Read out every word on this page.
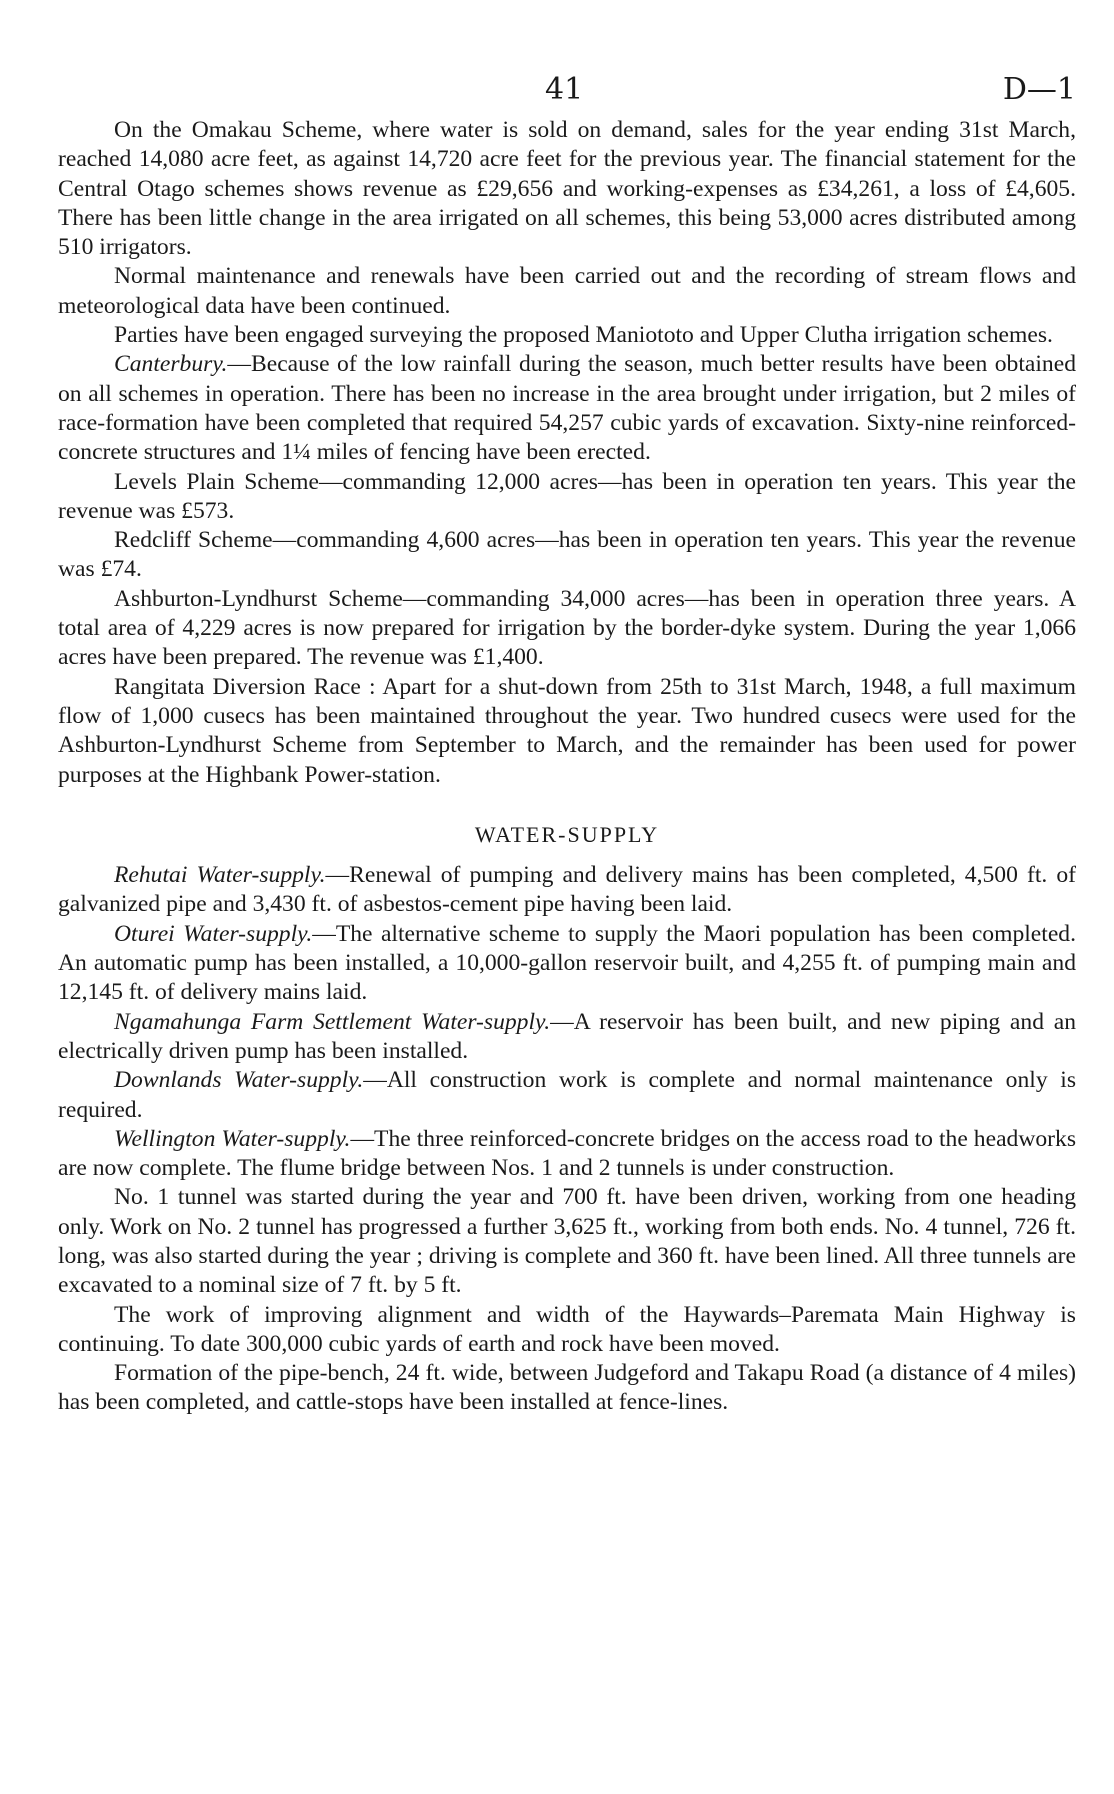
41	D—1

On the Omakau Scheme, where water is sold on demand, sales for the year ending 31st March, reached 14,080 acre feet, as against 14,720 acre feet for the previous year. The financial statement for the Central Otago schemes shows revenue as £29,656 and working-expenses as £34,261, a loss of £4,605. There has been little change in the area irrigated on all schemes, this being 53,000 acres distributed among 510 irrigators.

Normal maintenance and renewals have been carried out and the recording of stream flows and meteorological data have been continued.

Parties have been engaged surveying the proposed Maniototo and Upper Clutha irrigation schemes.

Canterbury.—Because of the low rainfall during the season, much better results have been obtained on all schemes in operation. There has been no increase in the area brought under irrigation, but 2 miles of race-formation have been completed that required 54,257 cubic yards of excavation. Sixty-nine reinforced-concrete structures and 1¼ miles of fencing have been erected.

Levels Plain Scheme—commanding 12,000 acres—has been in operation ten years. This year the revenue was £573.

Redcliff Scheme—commanding 4,600 acres—has been in operation ten years. This year the revenue was £74.

Ashburton-Lyndhurst Scheme—commanding 34,000 acres—has been in operation three years. A total area of 4,229 acres is now prepared for irrigation by the border-dyke system. During the year 1,066 acres have been prepared. The revenue was £1,400.

Rangitata Diversion Race : Apart for a shut-down from 25th to 31st March, 1948, a full maximum flow of 1,000 cusecs has been maintained throughout the year. Two hundred cusecs were used for the Ashburton-Lyndhurst Scheme from September to March, and the remainder has been used for power purposes at the Highbank Power-station.

WATER-SUPPLY

Rehutai Water-supply.—Renewal of pumping and delivery mains has been completed, 4,500 ft. of galvanized pipe and 3,430 ft. of asbestos-cement pipe having been laid.

Oturei Water-supply.—The alternative scheme to supply the Maori population has been completed. An automatic pump has been installed, a 10,000-gallon reservoir built, and 4,255 ft. of pumping main and 12,145 ft. of delivery mains laid.

Ngamahunga Farm Settlement Water-supply.—A reservoir has been built, and new piping and an electrically driven pump has been installed.

Downlands Water-supply.—All construction work is complete and normal maintenance only is required.

Wellington Water-supply.—The three reinforced-concrete bridges on the access road to the headworks are now complete. The flume bridge between Nos. 1 and 2 tunnels is under construction.

No. 1 tunnel was started during the year and 700 ft. have been driven, working from one heading only. Work on No. 2 tunnel has progressed a further 3,625 ft., working from both ends. No. 4 tunnel, 726 ft. long, was also started during the year ; driving is complete and 360 ft. have been lined. All three tunnels are excavated to a nominal size of 7 ft. by 5 ft.

The work of improving alignment and width of the Haywards–Paremata Main Highway is continuing. To date 300,000 cubic yards of earth and rock have been moved.

Formation of the pipe-bench, 24 ft. wide, between Judgeford and Takapu Road (a distance of 4 miles) has been completed, and cattle-stops have been installed at fence-lines.
